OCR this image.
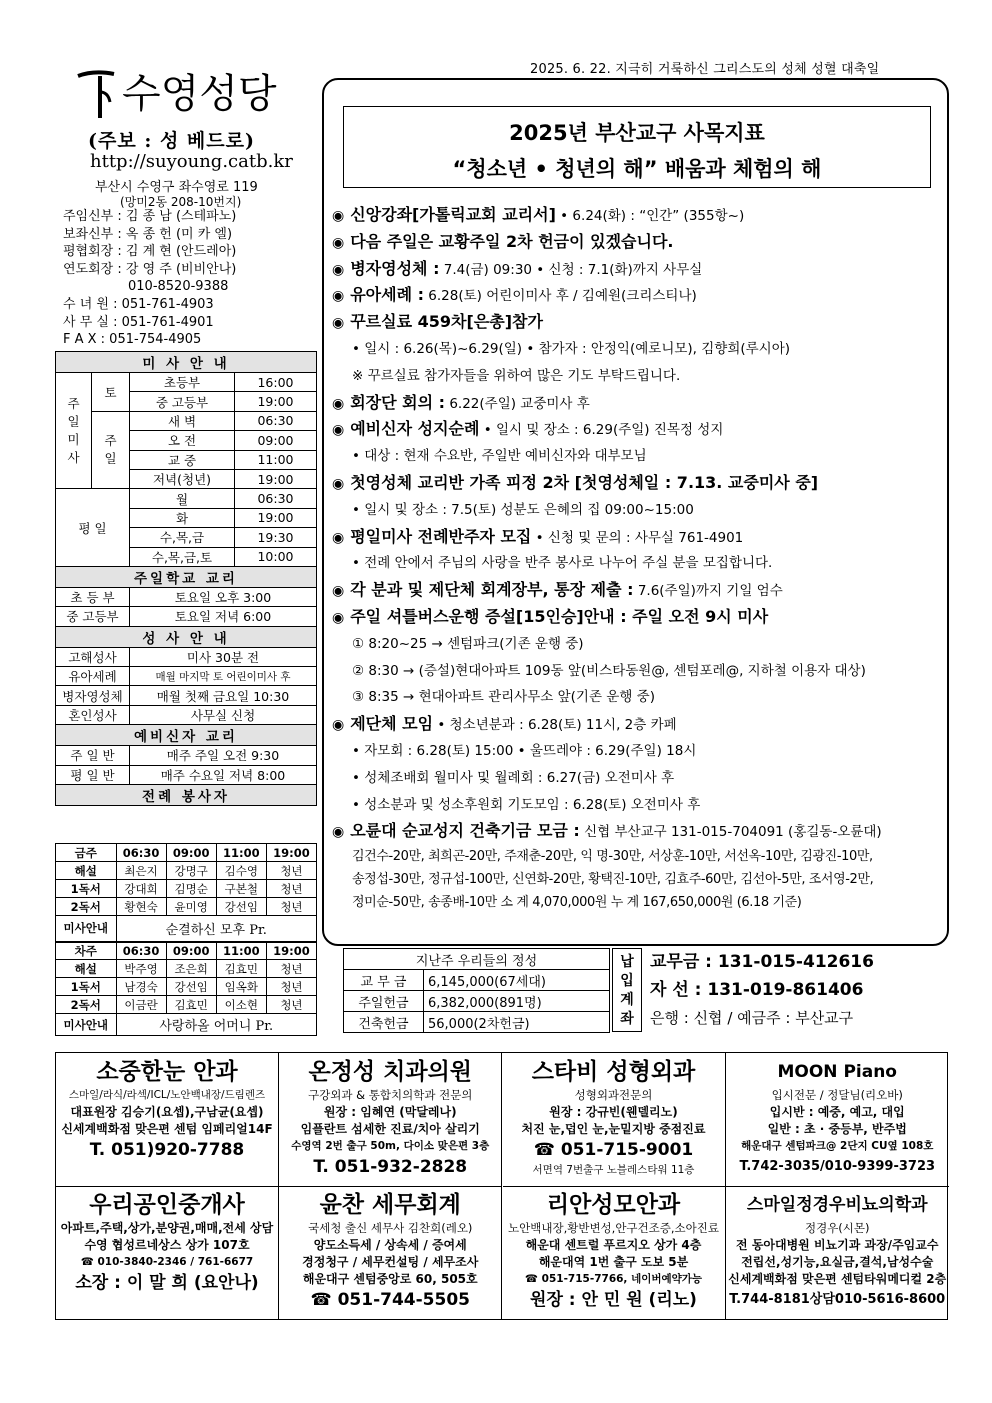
2025. 6. 22. 지극히 거룩하신 그리스도의 성체 성혈 대축일
수영성당
(주보 : 성 베드로)
http://suyoung.catb.kr
부산시 수영구 좌수영로 119
(망미2동 208-10번지)
주임신부 : 김 종 남 (스테파노)
보좌신부 : 옥 종 헌 (미 카 엘)
평협회장 : 김 계 현 (안드레아)
연도회장 : 강 영 주 (비비안나)
　　　　　010-8520-9388
수 녀 원 : 051-761-4903
사 무 실 : 051-761-4901
F A X : 051-754-4905
미 사 안 내			
주
일
미
사	토	초등부	16:00
		중 고등부	19:00
	주
일	새 벽	06:30
		오 전	09:00
		교 중	11:00
		저녁(청년)	19:00
평 일		월	06:30
		화	19:00
		수,목,금	19:30
		수,목,금,토	10:00
주일학교 교리			
초 등 부		토요일 오후 3:00	
중 고등부		토요일 저녁 6:00	
성 사 안 내			
고해성사		미사 30분 전	
유아세례		매월 마지막 토 어린이미사 후	
병자영성체		매월 첫째 금요일 10:30	
혼인성사		사무실 신청	
예비신자 교리			
주 일 반		매주 주일 오전 9:30	
평 일 반		매주 수요일 저녁 8:00	
전례 봉사자			
금주	06:30	09:00	11:00	19:00
해설	최은지	강명구	김수영	청년
1독서	강대희	김명순	구본철	청년
2독서	황현숙	윤미영	강선임	청년
미사안내	순결하신 모후 Pr.			
차주	06:30	09:00	11:00	19:00
해설	박주영	조은희	김효민	청년
1독서	남경숙	강선임	임옥화	청년
2독서	이금란	김효민	이소현	청년
미사안내	사랑하올 어머니 Pr.			
2025년 부산교구 사목지표
“청소년 • 청년의 해” 배움과 체험의 해
◉ 신앙강좌[가톨릭교회 교리서] • 6.24(화) : “인간” (355항~)
◉ 다음 주일은 교황주일 2차 헌금이 있겠습니다.
◉ 병자영성체 : 7.4(금) 09:30 • 신청 : 7.1(화)까지 사무실
◉ 유아세례 : 6.28(토) 어린이미사 후 / 김예원(크리스티나)
◉ 꾸르실료 459차[은총]참가
• 일시 : 6.26(목)~6.29(일) • 참가자 : 안정익(예로니모), 김향희(루시아)
※ 꾸르실료 참가자들을 위하여 많은 기도 부탁드립니다.
◉ 회장단 회의 : 6.22(주일) 교중미사 후
◉ 예비신자 성지순례 • 일시 및 장소 : 6.29(주일) 진목정 성지
• 대상 : 현재 수요반, 주일반 예비신자와 대부모님
◉ 첫영성체 교리반 가족 피정 2차 [첫영성체일 : 7.13. 교중미사 중]
• 일시 및 장소 : 7.5(토) 성분도 은혜의 집 09:00~15:00
◉ 평일미사 전례반주자 모집 • 신청 및 문의 : 사무실 761-4901
• 전례 안에서 주님의 사랑을 반주 봉사로 나누어 주실 분을 모집합니다.
◉ 각 분과 및 제단체 회계장부, 통장 제출 : 7.6(주일)까지 기일 엄수
◉ 주일 셔틀버스운행 증설[15인승]안내 : 주일 오전 9시 미사
① 8:20~25 → 센텀파크(기존 운행 중)
② 8:30 → (증설)현대아파트 109동 앞(비스타동원@, 센텀포레@, 지하철 이용자 대상)
③ 8:35 → 현대아파트 관리사무소 앞(기존 운행 중)
◉ 제단체 모임 • 청소년분과 : 6.28(토) 11시, 2층 카페
• 자모회 : 6.28(토) 15:00 • 울뜨레야 : 6.29(주일) 18시
• 성체조배회 월미사 및 월례회 : 6.27(금) 오전미사 후
• 성소분과 및 성소후원회 기도모임 : 6.28(토) 오전미사 후
◉ 오륜대 순교성지 건축기금 모금 : 신협 부산교구 131-015-704091 (홍길동-오륜대)
김건수-20만, 최희곤-20만, 주재춘-20만, 익 명-30만, 서상훈-10만, 서선옥-10만, 김광진-10만,
송정섭-30만, 정규섭-100만, 신연화-20만, 황택진-10만, 김효주-60만, 김선아-5만, 조서영-2만,
정미순-50만, 송종배-10만 소 계 4,070,000원 누 계 167,650,000원 (6.18 기준)
지난주 우리들의 정성	
교 무 금	6,145,000(67세대)
주일헌금	6,382,000(891명)
건축헌금	56,000(2차헌금)
납
입
계
좌
교무금 : 131-015-412616
자 선 : 131-019-861406
은행 : 신협 / 예금주 : 부산교구
소중한눈 안과
스마일/라식/라섹/ICL/노안백내장/드림렌즈
대표원장 김승기(요셉),구남균(요셉)
신세계백화점 맞은편 센텀 임페리얼14F
T. 051)920-7788
온정성 치과의원
구강외과 & 통합치의학과 전문의
원장 : 임혜연 (막달레나)
임플란트 섬세한 진료/치아 살리기
수영역 2번 출구 50m, 다이소 맞은편 3층
T. 051-932-2828
스타비 성형외과
성형외과전문의
원장 : 강규빈(웬델리노)
처진 눈,덥인 눈,눈밑지방 중점진료
☎ 051-715-9001
서면역 7번출구 노블레스타워 11층
MOON Piano
입시전문 / 정달님(리오바)
입시반 : 예중, 예고, 대입
일반 : 초 · 중등부, 반주법
해운대구 센텀파크@ 2단지 CU옆 108호
T.742-3035/010-9399-3723
우리공인중개사
아파트,주택,상가,분양권,매매,전세 상담
수영 협성르네상스 상가 107호
☎ 010-3840-2346 / 761-6677
소장 : 이 말 희 (요안나)
윤찬 세무회계
국세청 출신 세무사 김찬희(레오)
양도소득세 / 상속세 / 증여세
경정청구 / 세무컨설팅 / 세무조사
해운대구 센텀중앙로 60, 505호
☎ 051-744-5505
리안성모안과
노안백내장,황반변성,안구건조증,소아진료
해운대 센트럴 푸르지오 상가 4층
해운대역 1번 출구 도보 5분
☎ 051-715-7766, 네이버예약가능
원장 : 안 민 원 (리노)
스마일정경우비뇨의학과
정경우(시몬)
전 동아대병원 비뇨기과 과장/주임교수
전립선,성기능,요실금,결석,남성수술
신세계백화점 맞은편 센텀타워메디컬 2층
T.744-8181상담010-5616-8600
